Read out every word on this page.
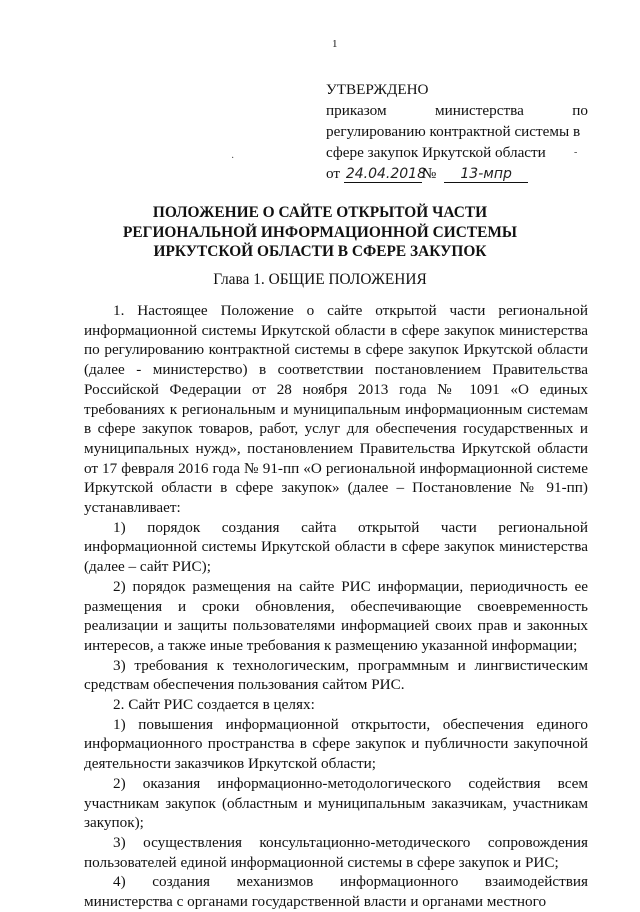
1
УТВЕРЖДЕНО
приказом министерства по
регулированию контрактной системы в
сфере закупок Иркутской области
от 24.04.2018№ 13-мпр
·
-
ПОЛОЖЕНИЕ О САЙТЕ ОТКРЫТОЙ ЧАСТИ РЕГИОНАЛЬНОЙ ИНФОРМАЦИОННОЙ СИСТЕМЫ ИРКУТСКОЙ ОБЛАСТИ В СФЕРЕ ЗАКУПОК
Глава 1. ОБЩИЕ ПОЛОЖЕНИЯ

1. Настоящее Положение о сайте открытой части региональной информационной системы Иркутской области в сфере закупок министерства по регулированию контрактной системы в сфере закупок Иркутской области (далее - министерство) в соответствии постановлением Правительства Российской Федерации от 28 ноября 2013 года № 1091 «О единых требованиях к региональным и муниципальным информационным системам в сфере закупок товаров, работ, услуг для обеспечения государственных и муниципальных нужд», постановлением Правительства Иркутской области от 17 февраля 2016 года № 91-пп «О региональной информационной системе Иркутской области в сфере закупок» (далее – Постановление № 91-пп) устанавливает:

1) порядок создания сайта открытой части региональной информационной системы Иркутской области в сфере закупок министерства (далее – сайт РИС);

2) порядок размещения на сайте РИС информации, периодичность ее размещения и сроки обновления, обеспечивающие своевременность реализации и защиты пользователями информацией своих прав и законных интересов, а также иные требования к размещению указанной информации;

3) требования к технологическим, программным и лингвистическим средствам обеспечения пользования сайтом РИС.

2. Сайт РИС создается в целях:

1) повышения информационной открытости, обеспечения единого информационного пространства в сфере закупок и публичности закупочной деятельности заказчиков Иркутской области;

2) оказания информационно-методологического содействия всем участникам закупок (областным и муниципальным заказчикам, участникам закупок);

3) осуществления консультационно-методического сопровождения пользователей единой информационной системы в сфере закупок и РИС;

4) создания механизмов информационного взаимодействия министерства с органами государственной власти и органами местного
